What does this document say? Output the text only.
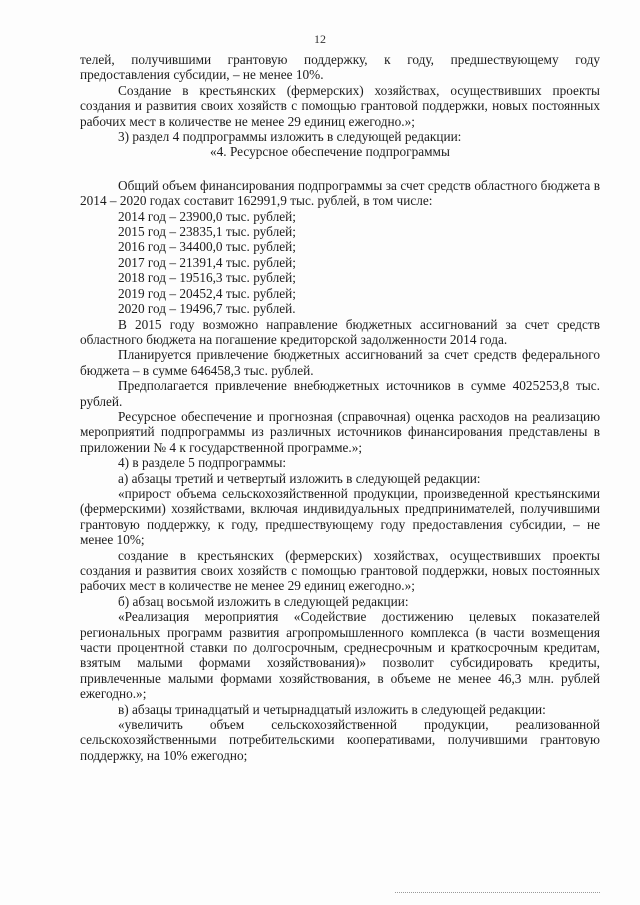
12

телей, получившими грантовую поддержку, к году, предшествующему году предоставления субсидии, – не менее 10%.

Создание в крестьянских (фермерских) хозяйствах, осуществивших проекты создания и развития своих хозяйств с помощью грантовой поддержки, новых постоянных рабочих мест в количестве не менее 29 единиц ежегодно.»;

3) раздел 4 подпрограммы изложить в следующей редакции:

«4. Ресурсное обеспечение подпрограммы

Общий объем финансирования подпрограммы за счет средств областного бюджета в 2014 – 2020 годах составит 162991,9 тыс. рублей, в том числе:

2014 год – 23900,0 тыс. рублей;

2015 год – 23835,1 тыс. рублей;

2016 год – 34400,0 тыс. рублей;

2017 год – 21391,4 тыс. рублей;

2018 год – 19516,3 тыс. рублей;

2019 год – 20452,4 тыс. рублей;

2020 год – 19496,7 тыс. рублей.

В 2015 году возможно направление бюджетных ассигнований за счет средств областного бюджета на погашение кредиторской задолженности 2014 года.

Планируется привлечение бюджетных ассигнований за счет средств федерального бюджета – в сумме 646458,3 тыс. рублей.

Предполагается привлечение внебюджетных источников в сумме 4025253,8 тыс. рублей.

Ресурсное обеспечение и прогнозная (справочная) оценка расходов на реализацию мероприятий подпрограммы из различных источников финансирования представлены в приложении № 4 к государственной программе.»;

4) в разделе 5 подпрограммы:

а) абзацы третий и четвертый изложить в следующей редакции:

«прирост объема сельскохозяйственной продукции, произведенной крестьянскими (фермерскими) хозяйствами, включая индивидуальных предпринимателей, получившими грантовую поддержку, к году, предшествующему году предоставления субсидии, – не менее 10%;

создание в крестьянских (фермерских) хозяйствах, осуществивших проекты создания и развития своих хозяйств с помощью грантовой поддержки, новых постоянных рабочих мест в количестве не менее 29 единиц ежегодно.»;

б) абзац восьмой изложить в следующей редакции:

«Реализация мероприятия «Содействие достижению целевых показателей региональных программ развития агропромышленного комплекса (в части возмещения части процентной ставки по долгосрочным, среднесрочным и краткосрочным кредитам, взятым малыми формами хозяйствования)» позволит субсидировать кредиты, привлеченные малыми формами хозяйствования, в объеме не менее 46,3 млн. рублей ежегодно.»;

в) абзацы тринадцатый и четырнадцатый изложить в следующей редакции:

«увеличить объем сельскохозяйственной продукции, реализованной сельскохозяйственными потребительскими кооперативами, получившими грантовую поддержку, на 10% ежегодно;
